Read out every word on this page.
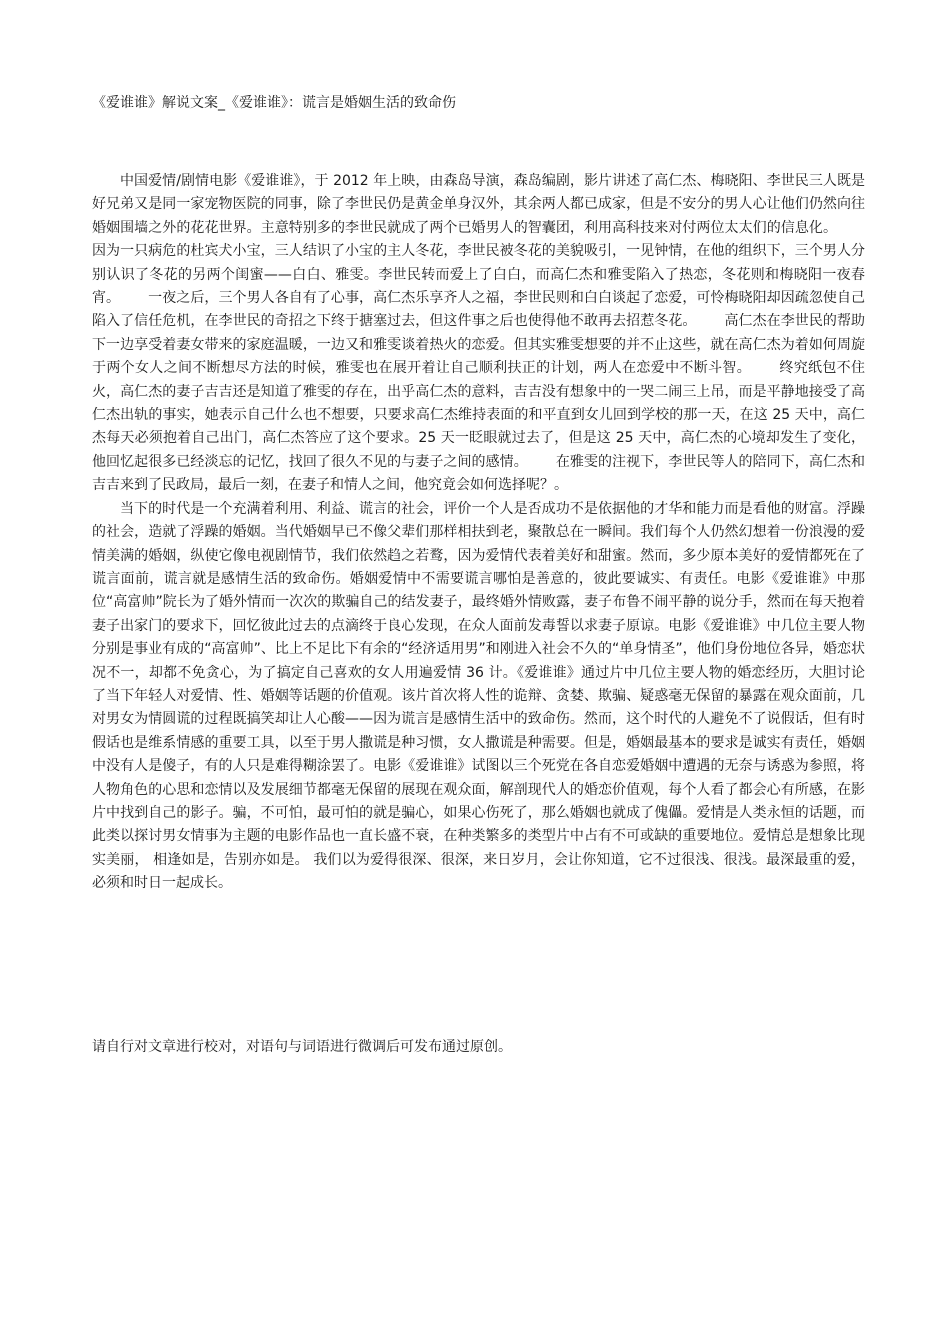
《爱谁谁》解说文案_《爱谁谁》：谎言是婚姻生活的致命伤

中国爱情/剧情电影《爱谁谁》，于 2012 年上映，由森岛导演，森岛编剧，影片讲述了高仁杰、梅晓阳、李世民三人既是好兄弟又是同一家宠物医院的同事，除了李世民仍是黄金单身汉外，其余两人都已成家，但是不安分的男人心让他们仍然向往婚姻围墙之外的花花世界。主意特别多的李世民就成了两个已婚男人的智囊团，利用高科技来对付两位太太们的信息化。因为一只病危的杜宾犬小宝，三人结识了小宝的主人冬花，李世民被冬花的美貌吸引，一见钟情，在他的组织下，三个男人分别认识了冬花的另两个闺蜜——白白、雅雯。李世民转而爱上了白白，而高仁杰和雅雯陷入了热恋，冬花则和梅晓阳一夜春宵。 一夜之后，三个男人各自有了心事，高仁杰乐享齐人之福，李世民则和白白谈起了恋爱，可怜梅晓阳却因疏忽使自己陷入了信任危机，在李世民的奇招之下终于搪塞过去，但这件事之后也使得他不敢再去招惹冬花。 高仁杰在李世民的帮助下一边享受着妻女带来的家庭温暖，一边又和雅雯谈着热火的恋爱。但其实雅雯想要的并不止这些，就在高仁杰为着如何周旋于两个女人之间不断想尽方法的时候，雅雯也在展开着让自己顺利扶正的计划，两人在恋爱中不断斗智。 终究纸包不住火，高仁杰的妻子吉吉还是知道了雅雯的存在，出乎高仁杰的意料，吉吉没有想象中的一哭二闹三上吊，而是平静地接受了高仁杰出轨的事实，她表示自己什么也不想要，只要求高仁杰维持表面的和平直到女儿回到学校的那一天，在这 25 天中，高仁杰每天必须抱着自己出门，高仁杰答应了这个要求。25 天一眨眼就过去了，但是这 25 天中，高仁杰的心境却发生了变化，他回忆起很多已经淡忘的记忆，找回了很久不见的与妻子之间的感情。 在雅雯的注视下，李世民等人的陪同下，高仁杰和吉吉来到了民政局，最后一刻，在妻子和情人之间，他究竟会如何选择呢？。

当下的时代是一个充满着利用、利益、谎言的社会，评价一个人是否成功不是依据他的才华和能力而是看他的财富。浮躁的社会，造就了浮躁的婚姻。当代婚姻早已不像父辈们那样相扶到老，聚散总在一瞬间。我们每个人仍然幻想着一份浪漫的爱情美满的婚姻，纵使它像电视剧情节，我们依然趋之若鹜，因为爱情代表着美好和甜蜜。然而，多少原本美好的爱情都死在了谎言面前，谎言就是感情生活的致命伤。婚姻爱情中不需要谎言哪怕是善意的，彼此要诚实、有责任。电影《爱谁谁》中那位“高富帅”院长为了婚外情而一次次的欺骗自己的结发妻子，最终婚外情败露，妻子布鲁不闹平静的说分手，然而在每天抱着妻子出家门的要求下，回忆彼此过去的点滴终于良心发现，在众人面前发毒誓以求妻子原谅。电影《爱谁谁》中几位主要人物分别是事业有成的“高富帅”、比上不足比下有余的“经济适用男”和刚进入社会不久的“单身情圣”，他们身份地位各异，婚恋状况不一，却都不免贪心，为了搞定自己喜欢的女人用遍爱情 36 计。《爱谁谁》通过片中几位主要人物的婚恋经历，大胆讨论了当下年轻人对爱情、性、婚姻等话题的价值观。该片首次将人性的诡辩、贪婪、欺骗、疑惑毫无保留的暴露在观众面前，几对男女为情圆谎的过程既搞笑却让人心酸——因为谎言是感情生活中的致命伤。然而，这个时代的人避免不了说假话，但有时假话也是维系情感的重要工具，以至于男人撒谎是种习惯，女人撒谎是种需要。但是，婚姻最基本的要求是诚实有责任，婚姻中没有人是傻子，有的人只是难得糊涂罢了。电影《爱谁谁》试图以三个死党在各自恋爱婚姻中遭遇的无奈与诱惑为参照，将人物角色的心思和恋情以及发展细节都毫无保留的展现在观众面，解剖现代人的婚恋价值观，每个人看了都会心有所感，在影片中找到自己的影子。骗，不可怕，最可怕的就是骗心，如果心伤死了，那么婚姻也就成了傀儡。爱情是人类永恒的话题，而此类以探讨男女情事为主题的电影作品也一直长盛不衰，在种类繁多的类型片中占有不可或缺的重要地位。爱情总是想象比现实美丽， 相逢如是，告别亦如是。 我们以为爱得很深、很深，来日岁月，会让你知道，它不过很浅、很浅。最深最重的爱，必须和时日一起成长。

请自行对文章进行校对，对语句与词语进行微调后可发布通过原创。
